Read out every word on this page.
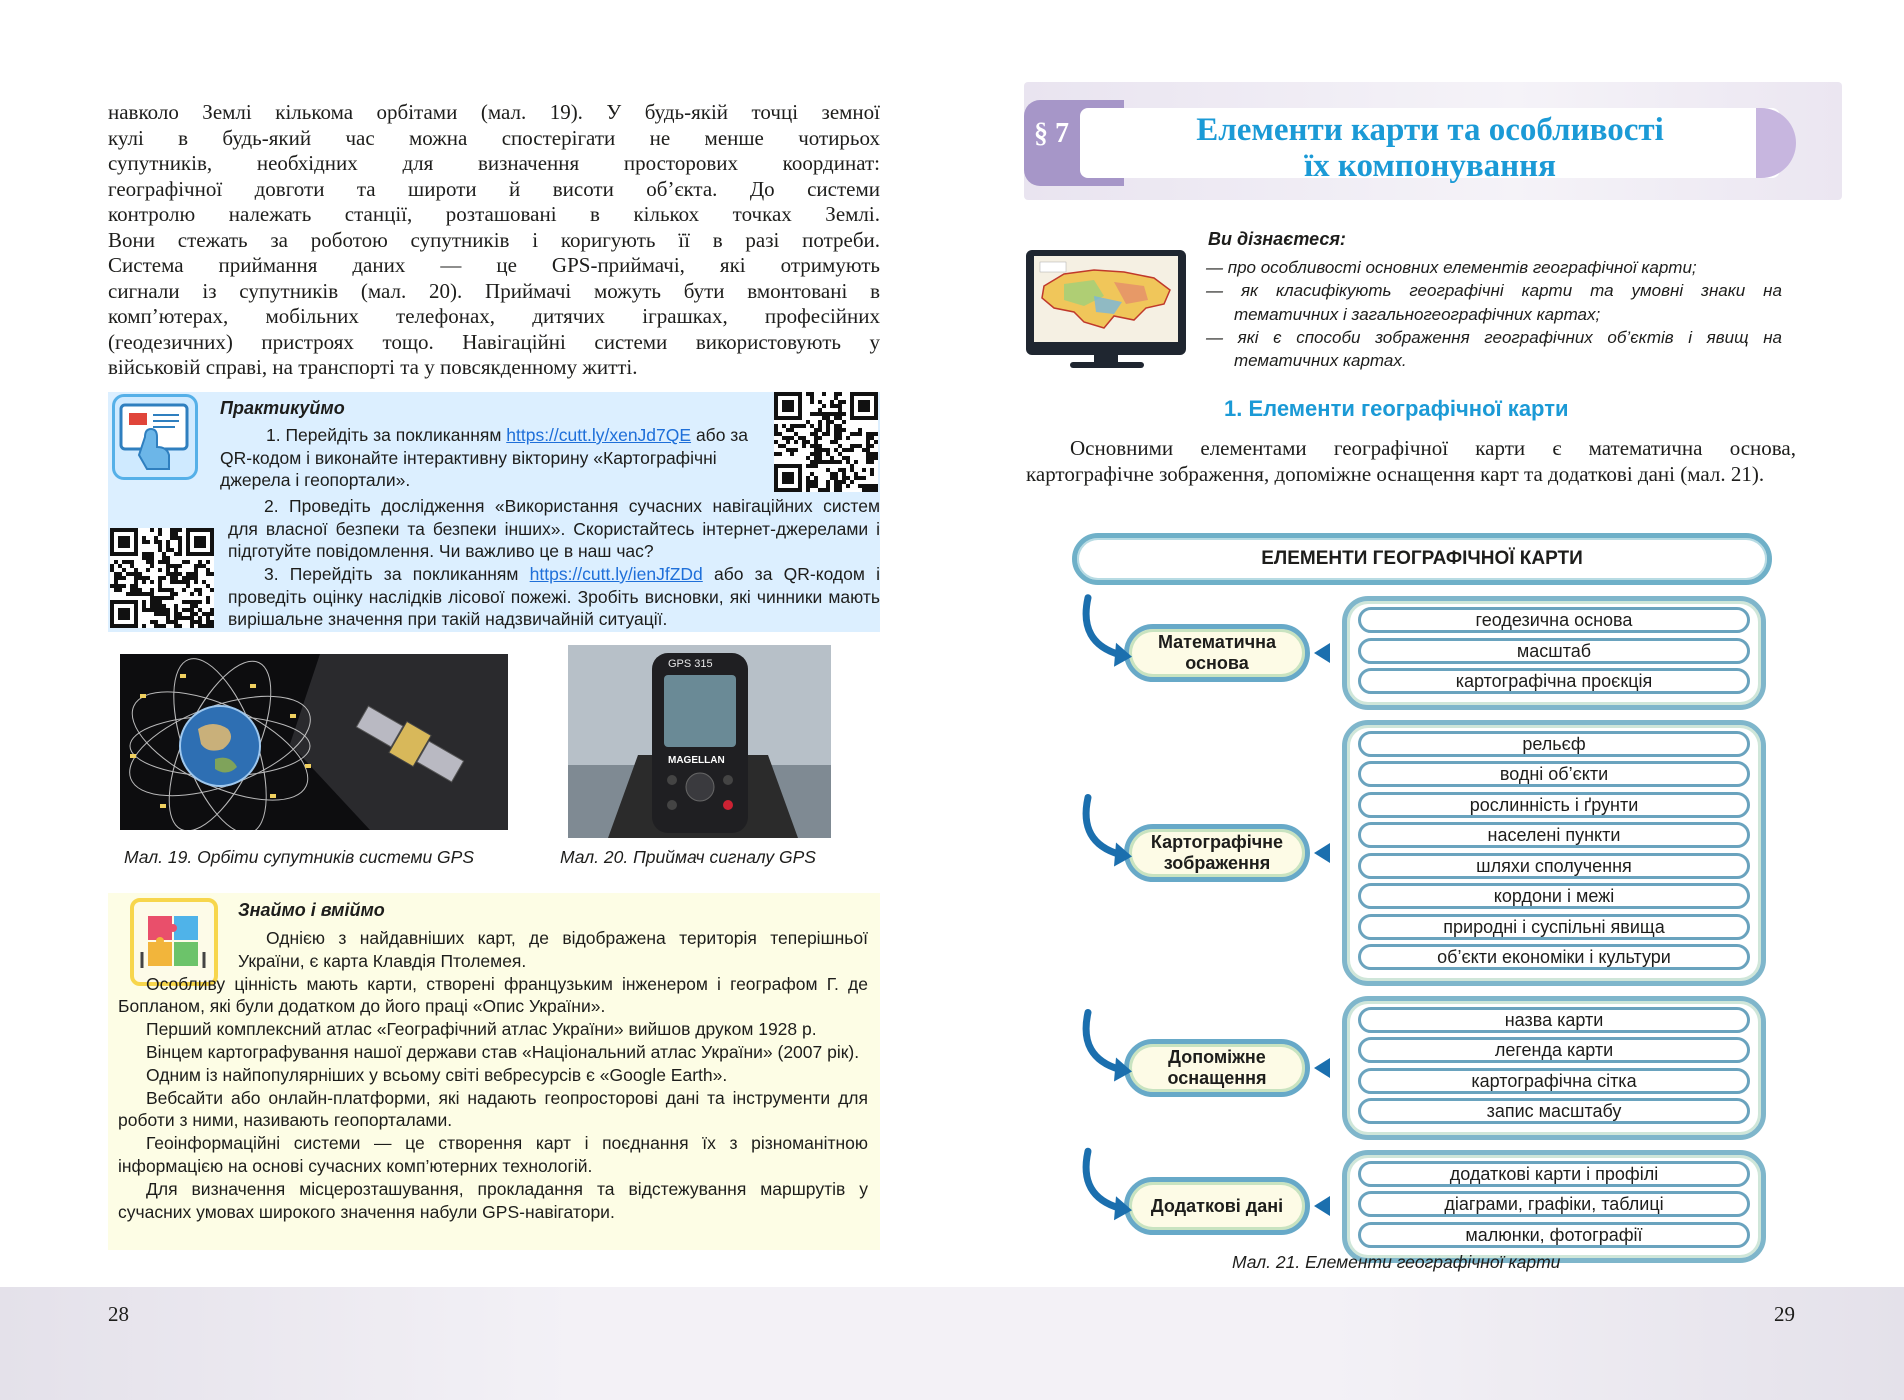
навколо Землі кількома орбітами (мал. 19). У будь-якій точці земної
кулі в будь-який час можна спостерігати не менше чотирьох
супутників, необхідних для визначення просторових координат:
географічної довготи та широти й висоти об’єкта. До системи
контролю належать станції, розташовані в кількох точках Землі.
Вони стежать за роботою супутників і коригують її в разі потреби.
Система приймання даних — це GPS-приймачі, які отримують
сигнали із супутників (мал. 20). Приймачі можуть бути вмонтовані в
комп’ютерах, мобільних телефонах, дитячих іграшках, професійних
(геодезичних) пристроях тощо. Навігаційні системи використовують у
військовій справі, на транспорті та у повсякденному житті.
Практикуймо
1. Перейдіть за покликанням https://cutt.ly/xenJd7QE або за QR-кодом і виконайте інтерактивну вікторину «Картографічні джерела і геопортали».
2. Проведіть дослідження «Використання сучасних навігаційних систем для власної безпеки та безпеки інших». Скористайтесь інтернет-джерелами і підготуйте повідомлення. Чи важливо це в наш час?
3. Перейдіть за покликанням https://cutt.ly/ienJfZDd або за QR-кодом і проведіть оцінку наслідків лісової пожежі. Зробіть висновки, які чинники мають вирішальне значення при такій надзвичайній ситуації.
GPS 315
MAGELLAN
Мал. 19. Орбіти супутників системи GPS	Мал. 20. Приймач сигналу GPS
Знаймо і вміймо

Однією з найдавніших карт, де відображена територія теперішньої України, є карта Клавдія Птолемея.

Особливу цінність мають карти, створені французьким інженером і географом Г. де Бопланом, які були додатком до його праці «Опис України».

Перший комплексний атлас «Географічний атлас України» вийшов друком 1928 р.

Вінцем картографування нашої держави став «Національний атлас України» (2007 рік).

Одним із найпопулярніших у всьому світі вебресурсів є «Google Earth».

Вебсайти або онлайн-платформи, які надають геопросторові дані та інструменти для роботи з ними, називають геопорталами.

Геоінформаційні системи — це створення карт і поєднання їх з різноманітною інформацією на основі сучасних комп’ютерних технологій.

Для визначення місцерозташування, прокладання та відстежування маршрутів у сучасних умовах широкого значення набули GPS-навігатори.

28	29
§ 7	Елементи карти та особливості
їх компонування
Ви дізнаєтеся:
— про особливості основних елементів географічної карти;
— як класифікують географічні карти та умовні знаки на тематичних і загальногеографічних картах;
— які є способи зображення географічних об’єктів і явищ на тематичних картах.
1. Елементи географічної карти
Основними елементами географічної карти є математична основа, картографічне зображення, допоміжне оснащення карт та додаткові дані (мал. 21).
ЕЛЕМЕНТИ ГЕОГРАФІЧНОЇ КАРТИ
геодезична основа
масштаб
картографічна проєкція
Математична основа
рельєф
водні об’єкти
рослинність і ґрунти
населені пункти
шляхи сполучення
кордони і межі
природні і суспільні явища
об’єкти економіки і культури
Картографічне зображення
назва карти
легенда карти
картографічна сітка
запис масштабу
Допоміжне оснащення
додаткові карти і профілі
діаграми, графіки, таблиці
малюнки, фотографії
Додаткові дані
Мал. 21. Елементи географічної карти
